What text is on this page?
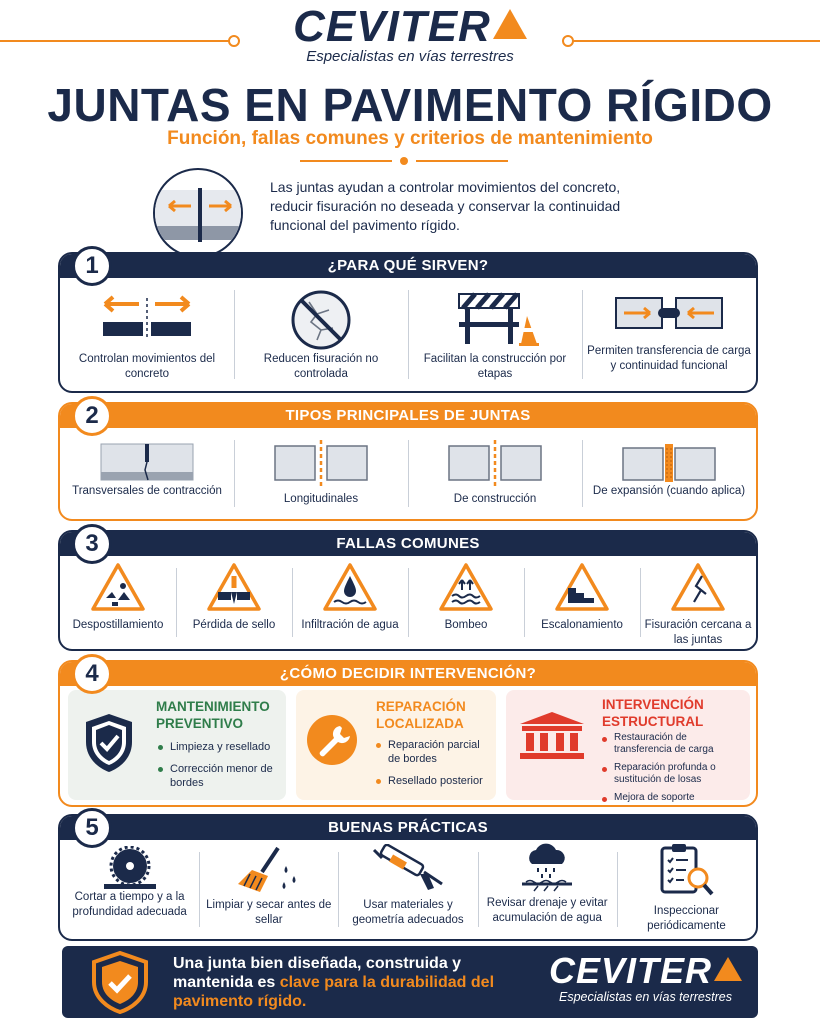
CEVITER
Especialistas en vías terrestres
JUNTAS EN PAVIMENTO RÍGIDO
Función, fallas comunes y criterios de mantenimiento
Las juntas ayudan a controlar movimientos del concreto, reducir fisuración no deseada y conservar la continuidad funcional del pavimento rígido.
1	¿PARA QUÉ SIRVEN?
Controlan movimientos del concreto
Reducen fisuración no controlada
Facilitan la construcción por etapas
Permiten transferencia de carga y continuidad funcional
2	TIPOS PRINCIPALES DE JUNTAS
Transversales de contracción
Longitudinales	De construcción
De expansión (cuando aplica)
3	FALLAS COMUNES
Despostillamiento	Pérdida de sello	Infiltración de agua	Bombeo	Escalonamiento	Fisuración cercana a las juntas
4	¿CÓMO DECIDIR INTERVENCIÓN?
MANTENIMIENTO PREVENTIVO
Limpieza y resellado
Corrección menor de bordes
REPARACIÓN LOCALIZADA
Reparación parcial de bordes
Resellado posterior
INTERVENCIÓN ESTRUCTURAL
Restauración de transferencia de carga
Reparación profunda o sustitución de losas
Mejora de soporte
5	BUENAS PRÁCTICAS
Cortar a tiempo y a la profundidad adecuada
Limpiar y secar antes de sellar
Usar materiales y geometría adecuados
Revisar drenaje y evitar acumulación de agua
Inspeccionar periódicamente
Una junta bien diseñada, construida y mantenida es clave para la durabilidad del pavimento rígido.
CEVITER
Especialistas en vías terrestres
